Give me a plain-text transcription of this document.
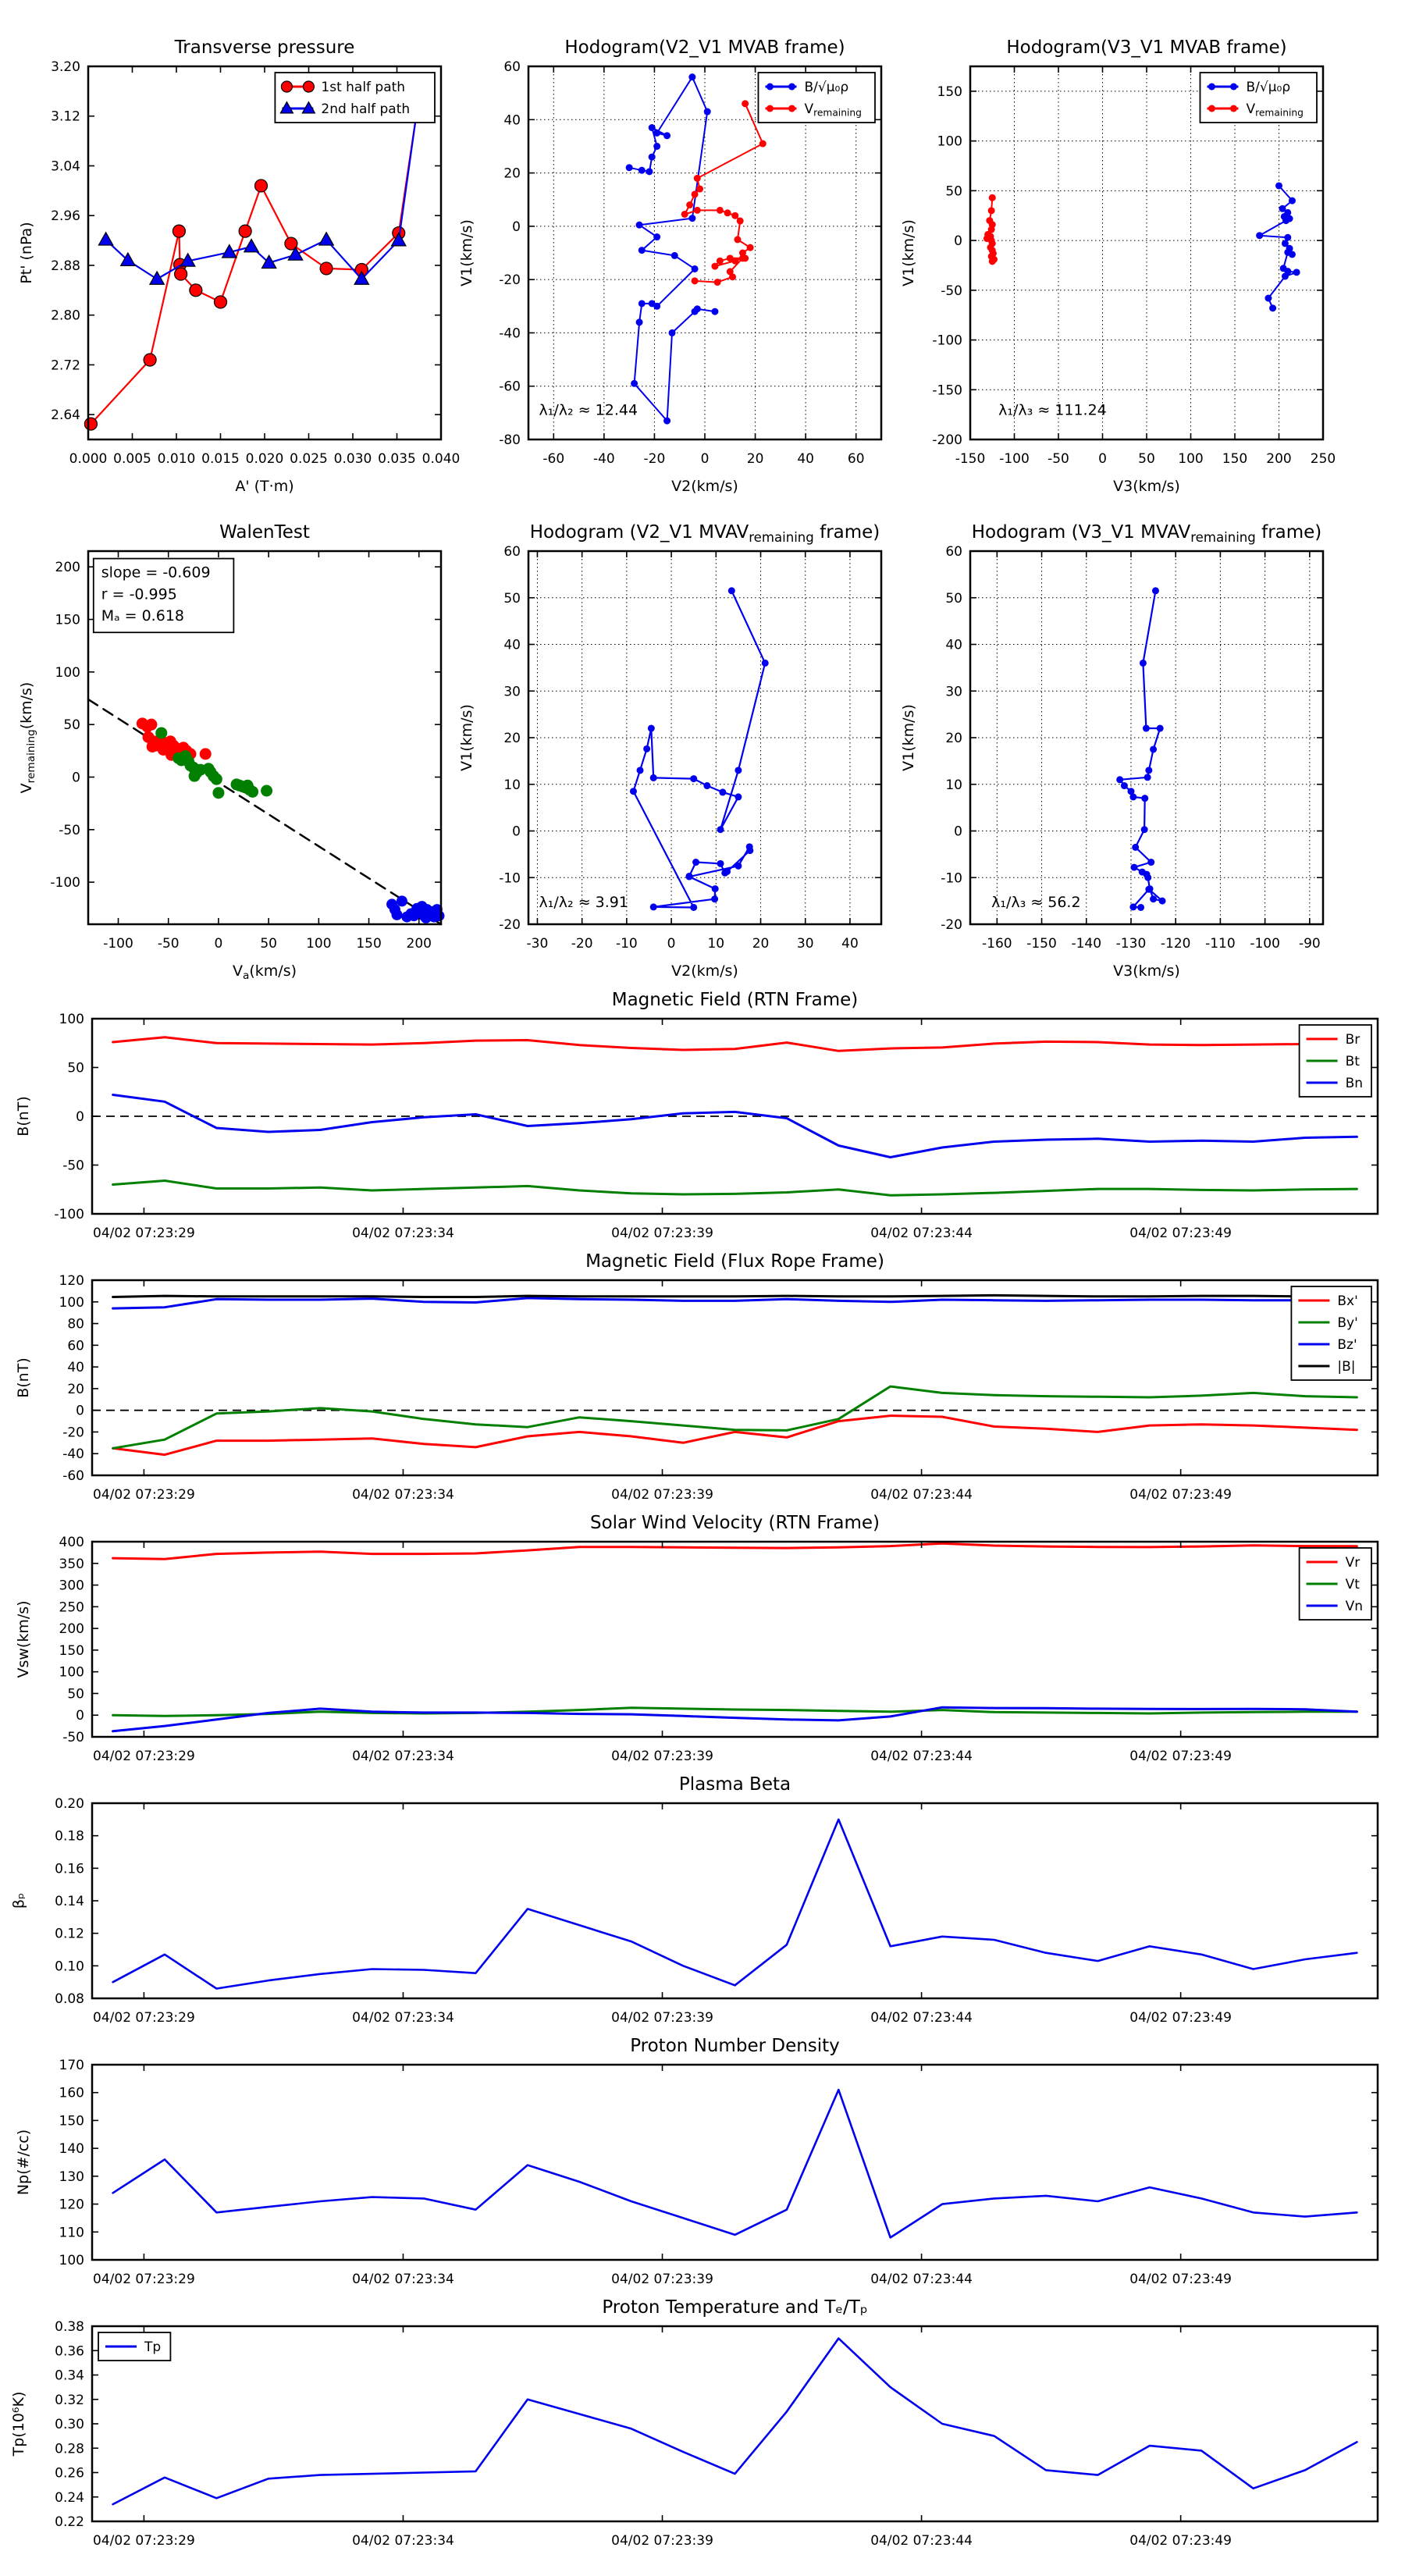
0.000 0.005 0.010 0.015 0.020 0.025 0.030 0.035 0.040
2.64
2.72
2.80
2.88
2.96
3.04
3.12
3.20
Transverse pressure
A' (T·m)
Pt' (nPa)
1st half path
2nd half path
-60 -40 -20	0	20	40	60
-80
-60
-40
-20
0
20
40
60
Hodogram(V2_V1 MVAB frame)
V2(km/s)
V1(km/s)
B/√μ₀ρ
$V_{remaining}$
λ₁/λ₂ ≈ 12.44
-150 -100 -50 0 50 100 150 200 250
-200
-150
-100
-50
0
50
100
150
Hodogram(V3_V1 MVAB frame)
V3(km/s)
V1(km/s)
B/√μ₀ρ
$V_{remaining}$
λ₁/λ₃ ≈ 111.24
-100 -50	0	50 100 150 200
-100
-50
0
50
100
150
200
WalenTest
$V_a(km/s)$
$V_{remaining}(km/s)$
slope = -0.609
r = -0.995
Mₐ = 0.618
-30 -20 -10 0 10 20 30 40
-20
-10
0
10
20
30
40
50
60
Hodogram (V2_V1 $MVAV_{remaining}$ frame)
V2(km/s)
V1(km/s)
λ₁/λ₂ ≈ 3.91
-160 -150 -140 -130 -120 -110 -100 -90
-20
-10
0
10
20
30
40
50
60
Hodogram (V3_V1 $MVAV_{remaining}$ frame)
V3(km/s)
V1(km/s)
λ₁/λ₃ ≈ 56.2
04/02 07:23:29	04/02 07:23:34	04/02 07:23:39	04/02 07:23:44	04/02 07:23:49
-100
-50
0
50
100
Magnetic Field (RTN Frame)
B(nT)
Br
Bt
Bn
04/02 07:23:29	04/02 07:23:34	04/02 07:23:39	04/02 07:23:44	04/02 07:23:49
-60
-40
-20
0
20
40
60
80
100
120
Magnetic Field (Flux Rope Frame)
B(nT)
Bx'
By'
Bz'
|B|
04/02 07:23:29	04/02 07:23:34	04/02 07:23:39	04/02 07:23:44	04/02 07:23:49
-50
0
50
100
150
200
250
300
350
400
Solar Wind Velocity (RTN Frame)
Vsw(km/s)
Vr
Vt
Vn
04/02 07:23:29	04/02 07:23:34	04/02 07:23:39	04/02 07:23:44	04/02 07:23:49
0.08
0.10
0.12
0.14
0.16
0.18
0.20
Plasma Beta
βₚ
04/02 07:23:29	04/02 07:23:34	04/02 07:23:39	04/02 07:23:44	04/02 07:23:49
100
110
120
130
140
150
160
170
Proton Number Density
Np(#/cc)
04/02 07:23:29	04/02 07:23:34	04/02 07:23:39	04/02 07:23:44	04/02 07:23:49
0.22
0.24
0.26
0.28
0.30
0.32
0.34
0.36
0.38
Proton Temperature and Tₑ/Tₚ
Tp(10⁶K)
Tp
